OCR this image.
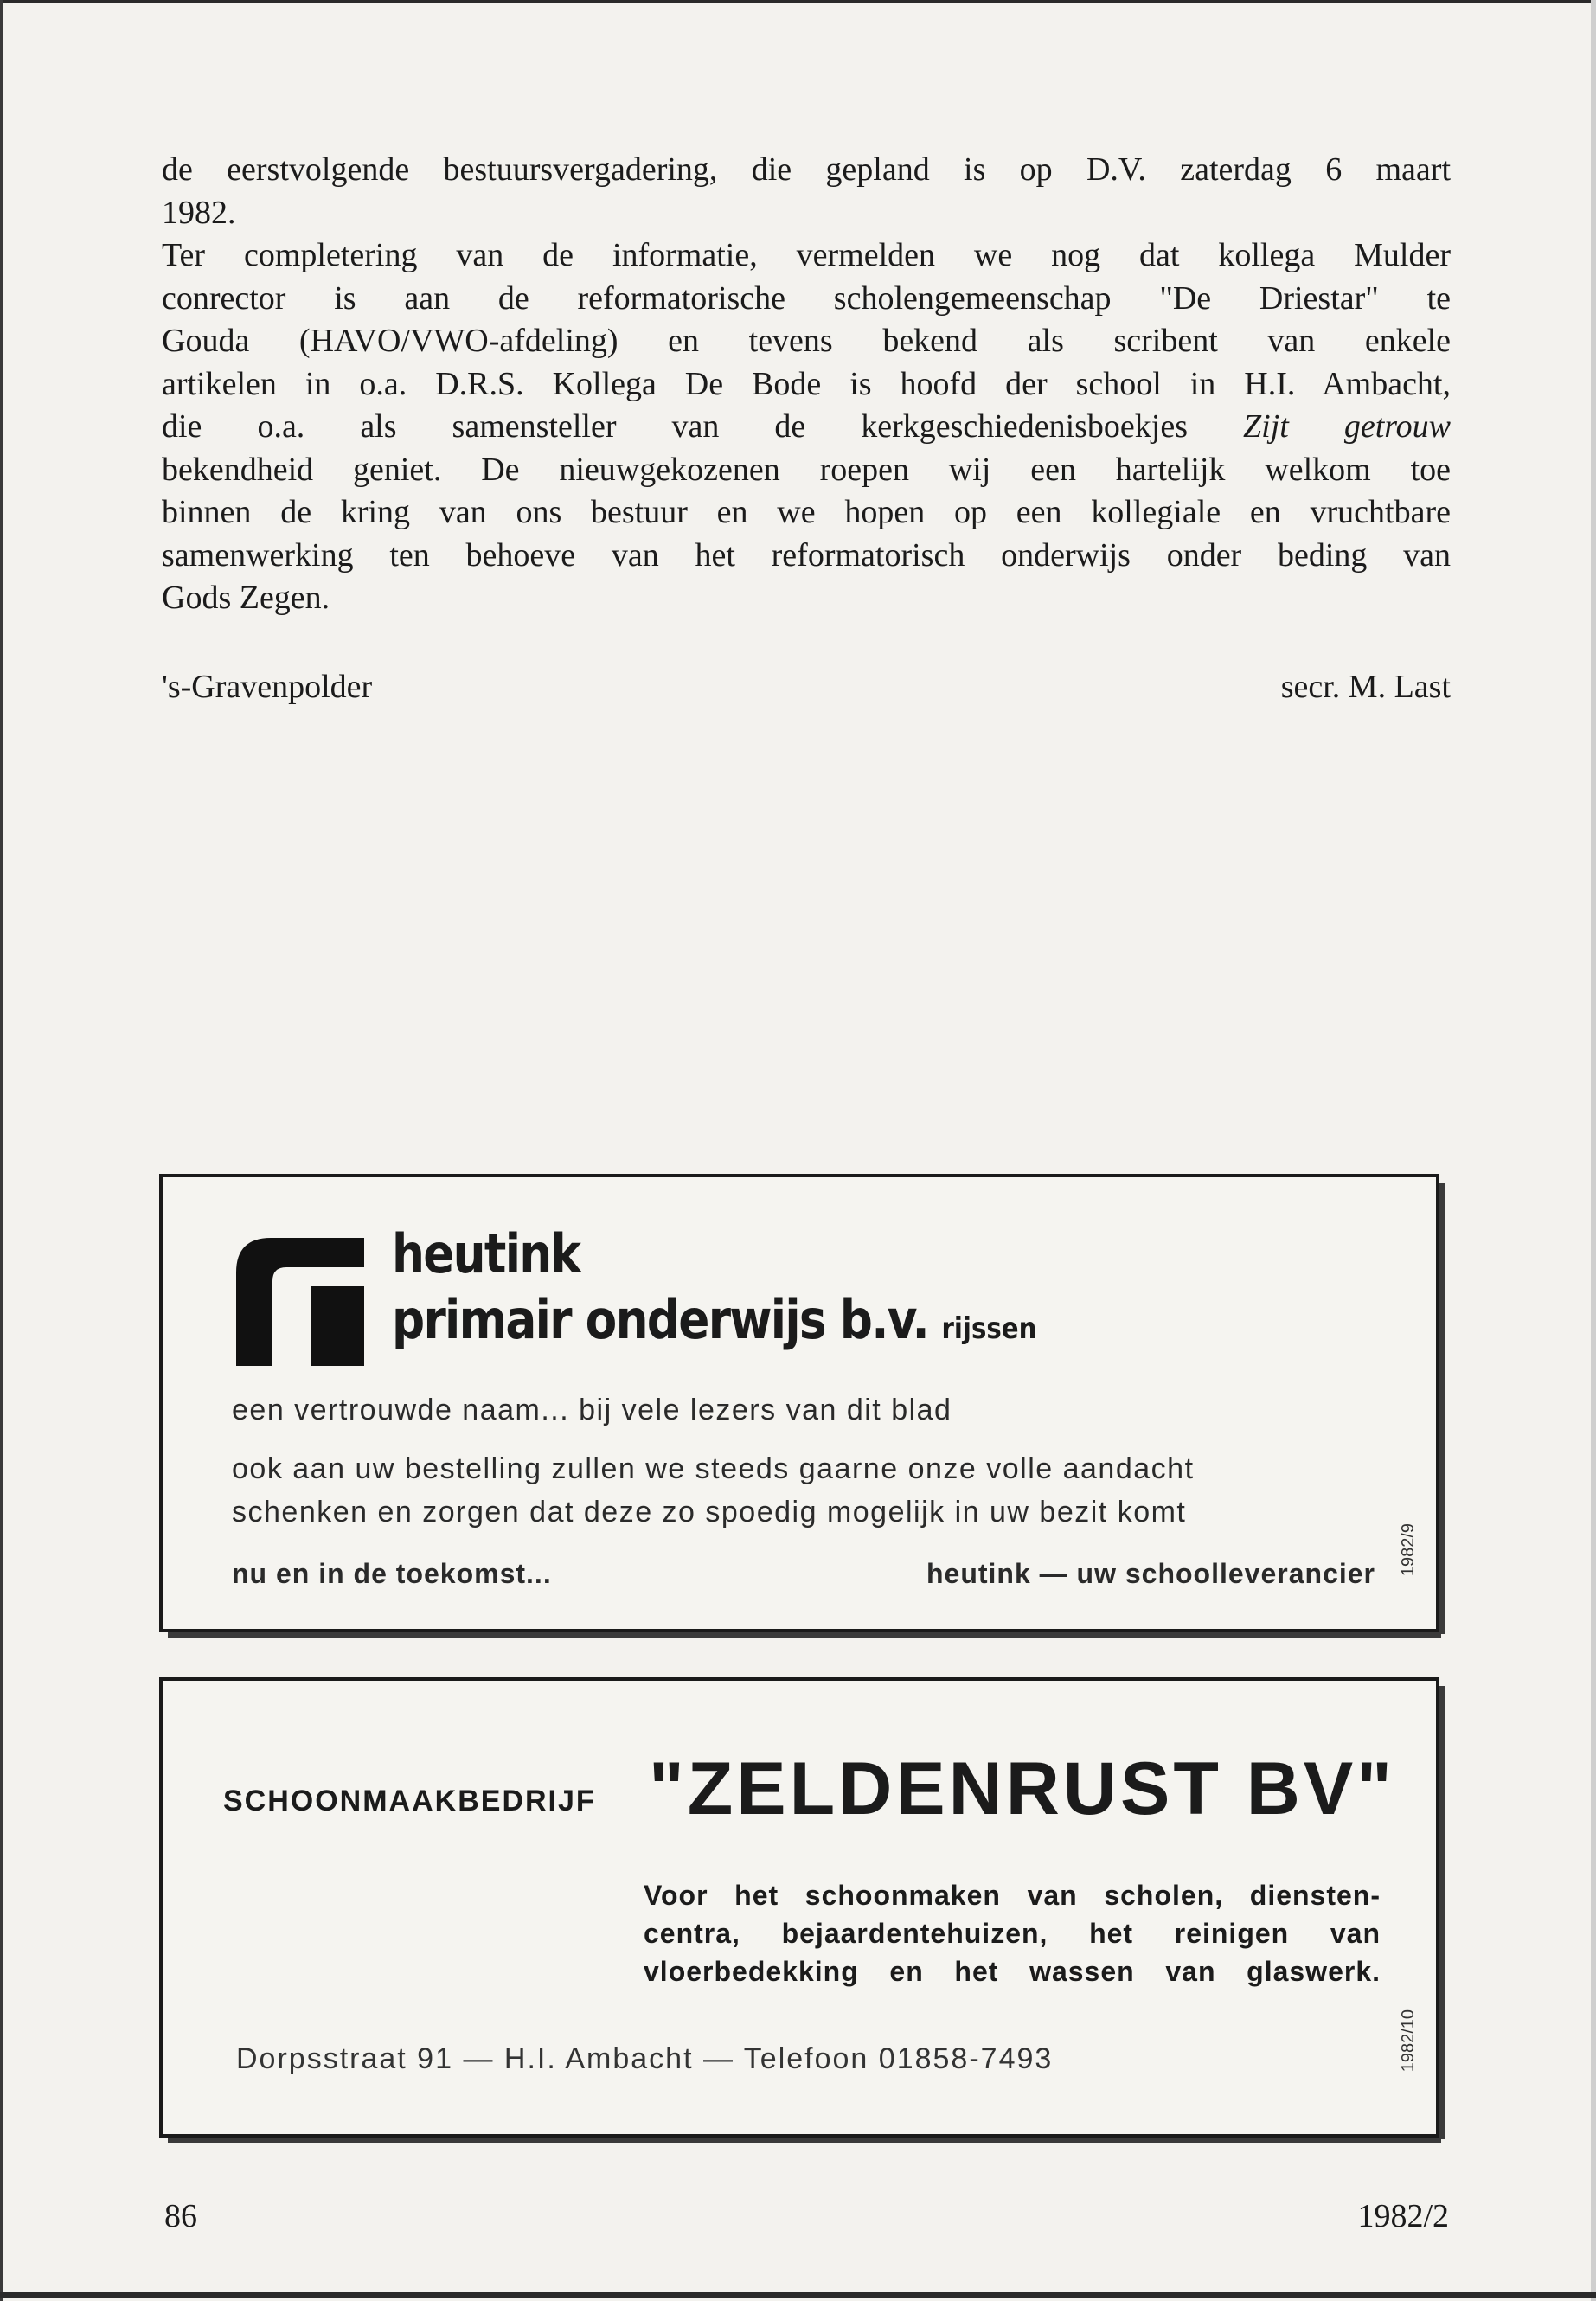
de eerstvolgende bestuursvergadering, die gepland is op D.V. zaterdag 6 maart
1982.
Ter completering van de informatie, vermelden we nog dat kollega Mulder
conrector is aan de reformatorische scholengemeenschap "De Driestar" te
Gouda (HAVO/VWO-afdeling) en tevens bekend als scribent van enkele
artikelen in o.a. D.R.S. Kollega De Bode is hoofd der school in H.I. Ambacht,
die o.a. als samensteller van de kerkgeschiedenisboekjes Zijt getrouw
bekendheid geniet. De nieuwgekozenen roepen wij een hartelijk welkom toe
binnen de kring van ons bestuur en we hopen op een kollegiale en vruchtbare
samenwerking ten behoeve van het reformatorisch onderwijs onder beding van
Gods Zegen.
's-Gravenpolder	secr. M. Last
heutink
primair onderwijs b.v. rijssen
een vertrouwde naam... bij vele lezers van dit blad
ook aan uw bestelling zullen we steeds gaarne onze volle aandacht
schenken en zorgen dat deze zo spoedig mogelijk in uw bezit komt
nu en in de toekomst...	heutink — uw schoolleverancier 1982/9
SCHOONMAAKBEDRIJF "ZELDENRUST BV"
Voor het schoonmaken van scholen, diensten-
centra, bejaardentehuizen, het reinigen van
vloerbedekking en het wassen van glaswerk.
Dorpsstraat 91 — H.I. Ambacht — Telefoon 01858-7493	1982/10
86	1982/2
